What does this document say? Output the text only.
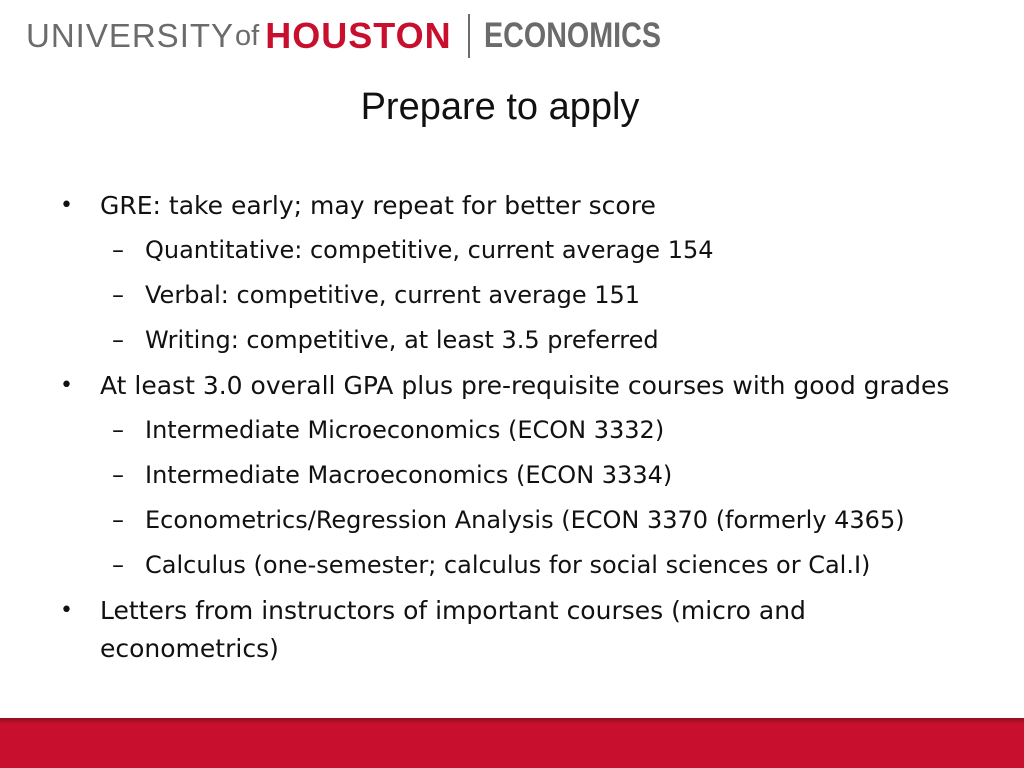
UNIVERSITY of HOUSTON ECONOMICS
Prepare to apply
• GRE: take early; may repeat for better score
– Quantitative: competitive, current average 154
– Verbal: competitive, current average 151
– Writing: competitive, at least 3.5 preferred
• At least 3.0 overall GPA plus pre-requisite courses with good grades
– Intermediate Microeconomics (ECON 3332)
– Intermediate Macroeconomics (ECON 3334)
– Econometrics/Regression Analysis (ECON 3370 (formerly 4365)
– Calculus (one-semester; calculus for social sciences or Cal.I)
• Letters from instructors of important courses (micro and econometrics)
